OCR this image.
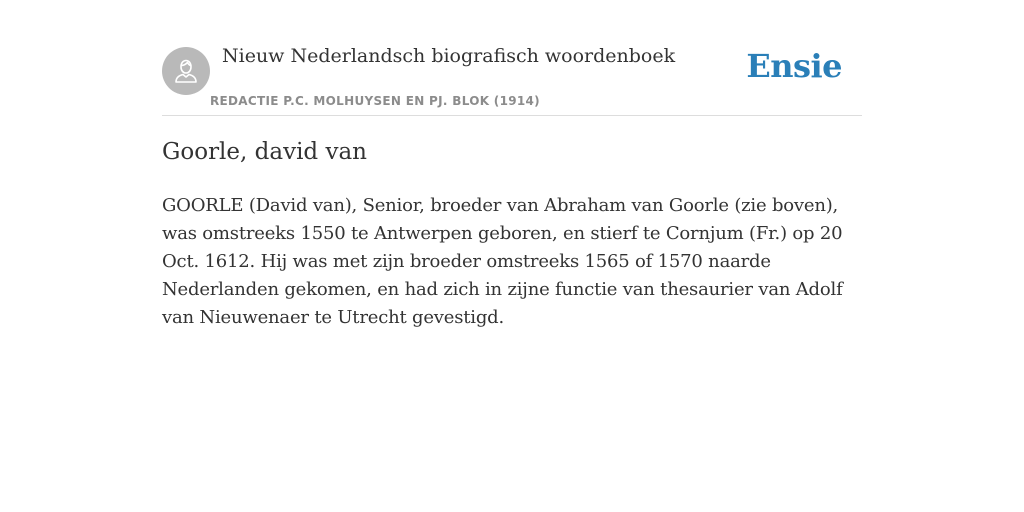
Nieuw Nederlandsch biografisch woordenboek
REDACTIE P.C. MOLHUYSEN EN PJ. BLOK (1914)
Ensie
Goorle, david van

GOORLE (David van), Senior, broeder van Abraham van Goorle (zie boven), was omstreeks 1550 te Antwerpen geboren, en stierf te Cornjum (Fr.) op 20 Oct. 1612. Hij was met zijn broeder omstreeks 1565 of 1570 naarde Nederlanden gekomen, en had zich in zijne functie van thesaurier van Adolf van Nieuwenaer te Utrecht gevestigd.
